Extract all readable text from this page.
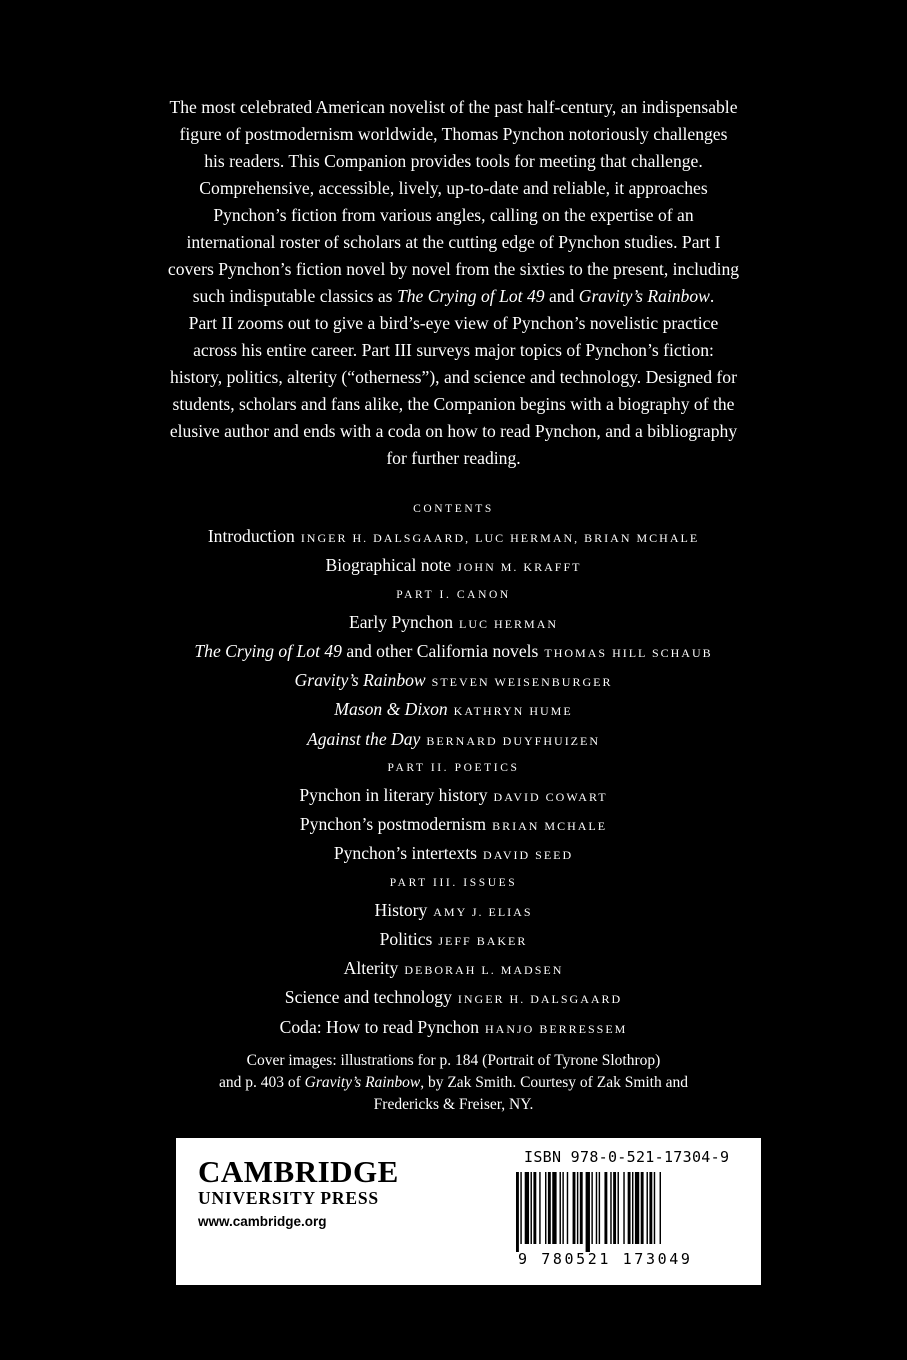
The most celebrated American novelist of the past half-century, an indispensable

figure of postmodernism worldwide, Thomas Pynchon notoriously challenges

his readers. This Companion provides tools for meeting that challenge.

Comprehensive, accessible, lively, up-to-date and reliable, it approaches

Pynchon’s fiction from various angles, calling on the expertise of an

international roster of scholars at the cutting edge of Pynchon studies. Part I

covers Pynchon’s fiction novel by novel from the sixties to the present, including

such indisputable classics as The Crying of Lot 49 and Gravity’s Rainbow.

Part II zooms out to give a bird’s-eye view of Pynchon’s novelistic practice

across his entire career. Part III surveys major topics of Pynchon’s fiction:

history, politics, alterity (“otherness”), and science and technology. Designed for

students, scholars and fans alike, the Companion begins with a biography of the

elusive author and ends with a coda on how to read Pynchon, and a bibliography

for further reading.

CONTENTS
Introduction INGER H. DALSGAARD, LUC HERMAN, BRIAN MCHALE
Biographical note JOHN M. KRAFFT
PART I. CANON
Early Pynchon LUC HERMAN
The Crying of Lot 49 and other California novels THOMAS HILL SCHAUB
Gravity’s Rainbow STEVEN WEISENBURGER
Mason & Dixon KATHRYN HUME
Against the Day BERNARD DUYFHUIZEN
PART II. POETICS
Pynchon in literary history DAVID COWART
Pynchon’s postmodernism BRIAN MCHALE
Pynchon’s intertexts DAVID SEED
PART III. ISSUES
History AMY J. ELIAS
Politics JEFF BAKER
Alterity DEBORAH L. MADSEN
Science and technology INGER H. DALSGAARD
Coda: How to read Pynchon HANJO BERRESSEM
Cover images: illustrations for p. 184 (Portrait of Tyrone Slothrop)
and p. 403 of Gravity’s Rainbow, by Zak Smith. Courtesy of Zak Smith and
Fredericks & Freiser, NY.
CAMBRIDGE
UNIVERSITY PRESS
www.cambridge.org
ISBN 978-0-521-17304-9
9 780521 173049
